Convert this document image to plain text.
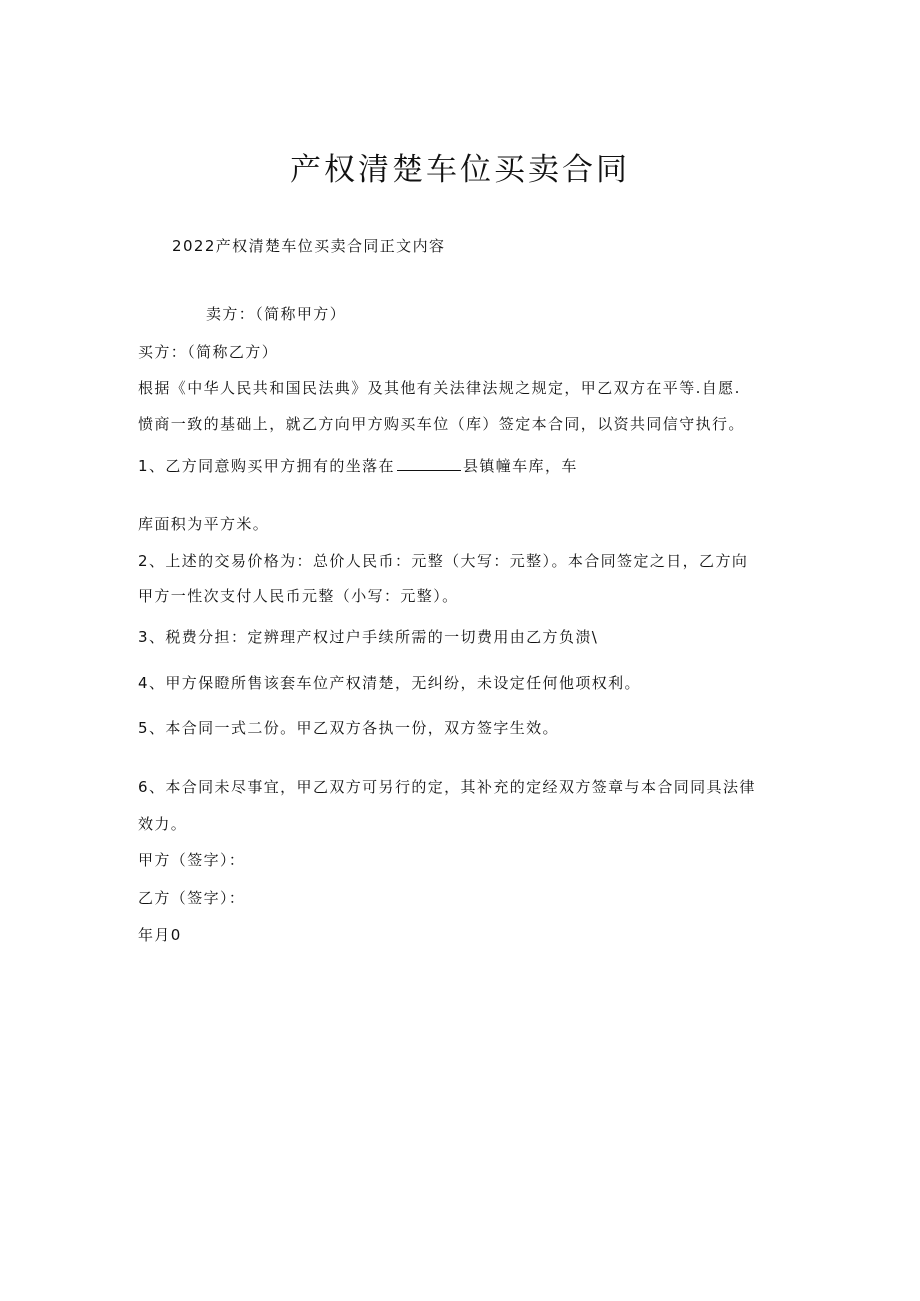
产权清楚车位买卖合同
2022产权清楚车位买卖合同正文内容
卖方：（简称甲方）
买方：（简称乙方）
根据《中华人民共和国民法典》及其他有关法律法规之规定，甲乙双方在平等.自愿.
愤商一致的基础上，就乙方向甲方购买车位（库）签定本合同，以资共同信守执行。
1、乙方同意购买甲方拥有的坐落在	县镇幢车库，车
库面积为平方米。
2、上述的交易价格为：总价人民币：元整（大写：元整）。本合同签定之日，乙方向
甲方一性次支付人民币元整（小写：元整）。
3、税费分担：定辨理产权过户手续所需的一切费用由乙方负溃\
4、甲方保瞪所售该套车位产权清楚，无纠纷，未设定任何他项权利。
5、本合同一式二份。甲乙双方各执一份，双方签字生效。
6、本合同未尽事宜，甲乙双方可另行的定，其补充的定经双方签章与本合同同具法律
效力。
甲方（签字）：
乙方（签字）：
年月0
